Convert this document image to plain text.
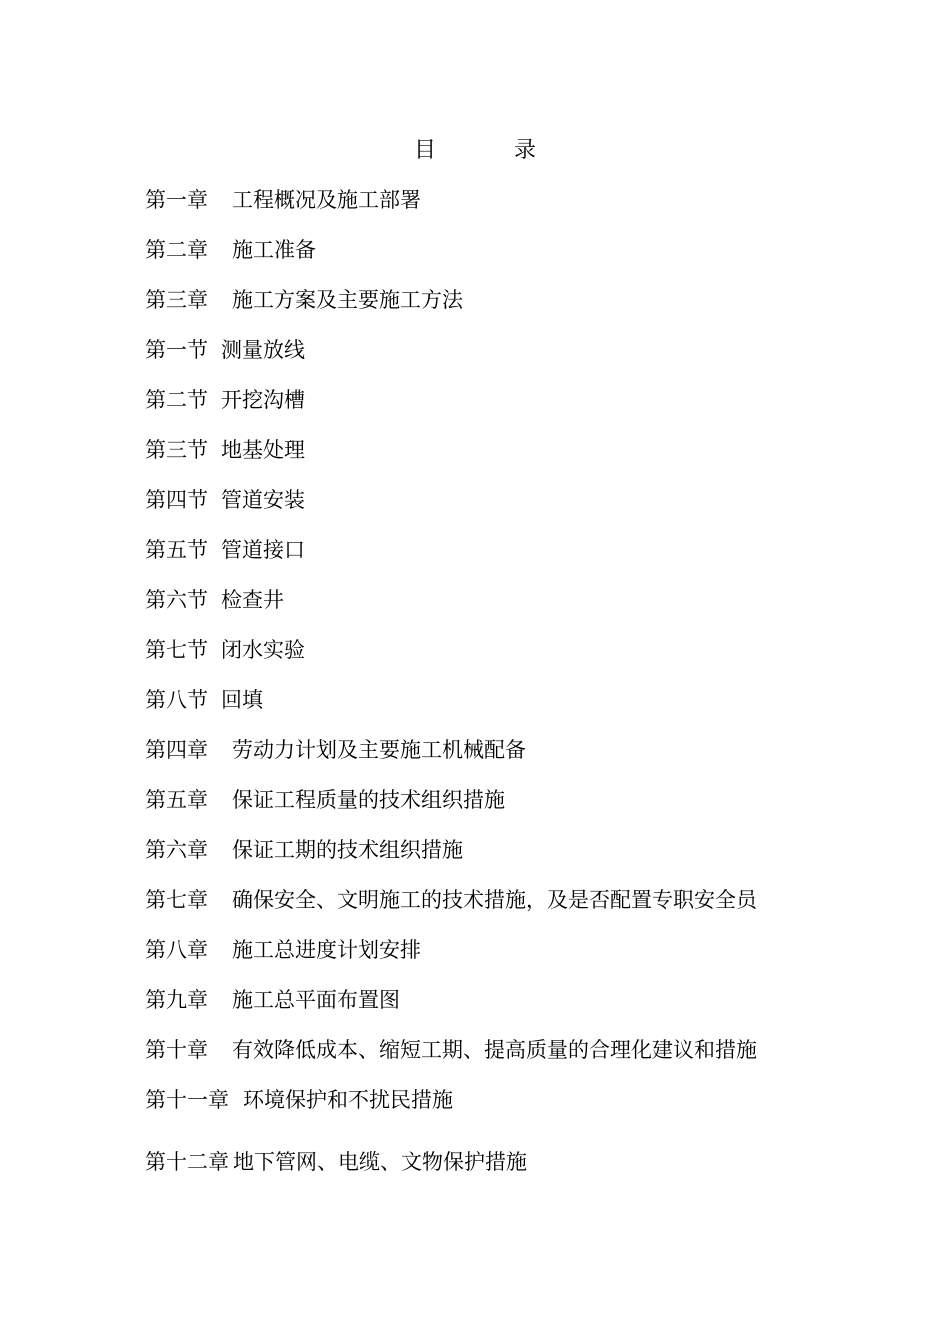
目	录
第一章 工程概况及施工部署
第二章 施工准备
第三章 施工方案及主要施工方法
第一节 测量放线
第二节 开挖沟槽
第三节 地基处理
第四节 管道安装
第五节 管道接口
第六节 检查井
第七节 闭水实验
第八节 回填
第四章 劳动力计划及主要施工机械配备
第五章 保证工程质量的技术组织措施
第六章 保证工期的技术组织措施
第七章 确保安全、文明施工的技术措施，及是否配置专职安全员
第八章 施工总进度计划安排
第九章 施工总平面布置图
第十章 有效降低成本、缩短工期、提高质量的合理化建议和措施
第十一章 环境保护和不扰民措施
第十二章 地下管网、电缆、文物保护措施
